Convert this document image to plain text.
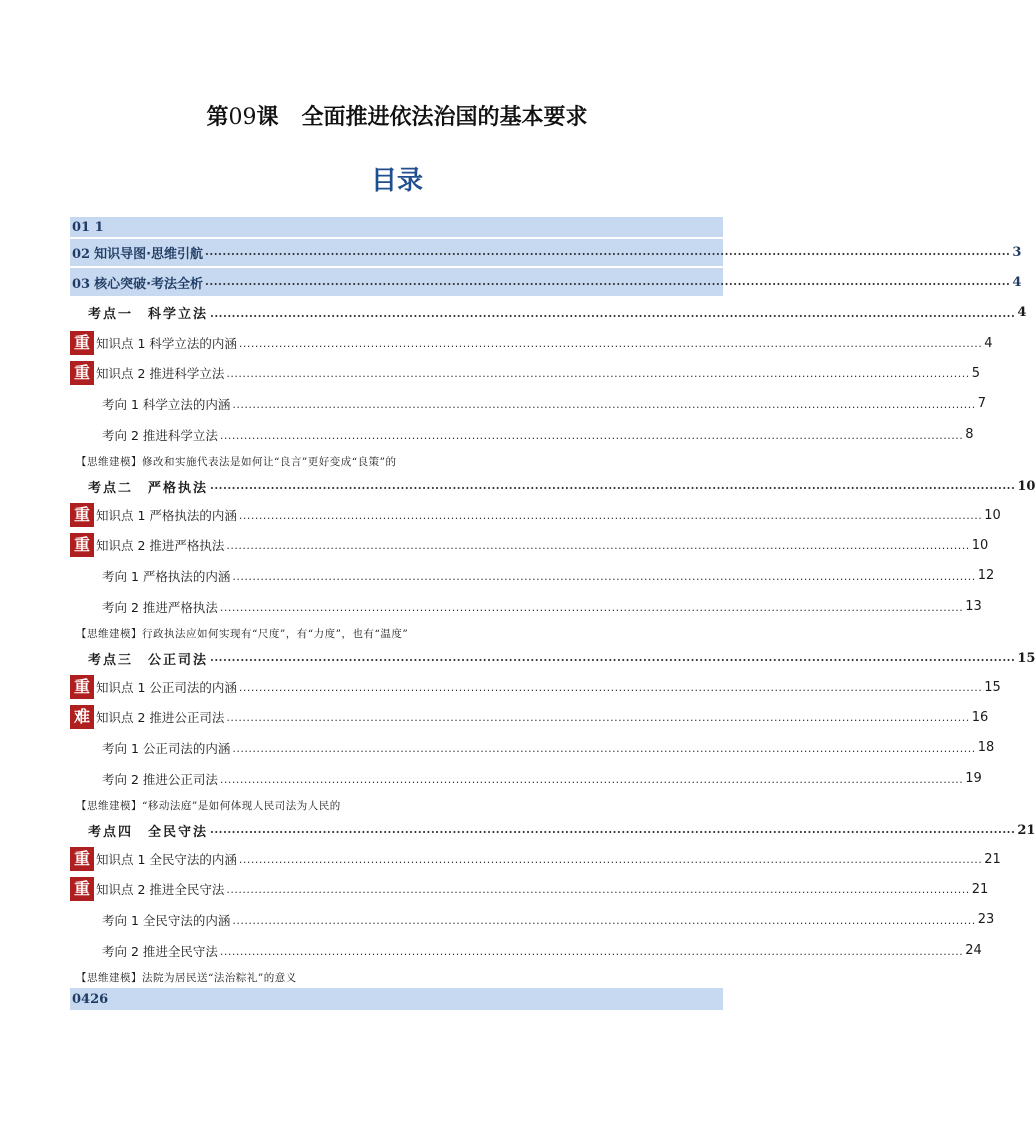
第09课 全面推进依法治国的基本要求
目录
01 1
02 知识导图·思维引航 .......................................................................................................................................................................................... 3
03 核心突破·考法全析 .......................................................................................................................................................................................... 4
考点一　科学立法 .......................................................................................................................................................................................... 4
重 知识点 1 科学立法的内涵 .......................................................................................................................................................................................... 4
重 知识点 2 推进科学立法 .......................................................................................................................................................................................... 5
考向 1 科学立法的内涵 .......................................................................................................................................................................................... 7
考向 2 推进科学立法 .......................................................................................................................................................................................... 8
【思维建模】修改和实施代表法是如何让“良言”更好变成“良策”的
考点二　严格执法 .......................................................................................................................................................................................... 10
重 知识点 1 严格执法的内涵 .......................................................................................................................................................................................... 10
重 知识点 2 推进严格执法 .......................................................................................................................................................................................... 10
考向 1 严格执法的内涵 .......................................................................................................................................................................................... 12
考向 2 推进严格执法 .......................................................................................................................................................................................... 13
【思维建模】行政执法应如何实现有“尺度”，有“力度”，也有“温度”
考点三　公正司法 .......................................................................................................................................................................................... 15
重 知识点 1 公正司法的内涵 .......................................................................................................................................................................................... 15
难 知识点 2 推进公正司法 .......................................................................................................................................................................................... 16
考向 1 公正司法的内涵 .......................................................................................................................................................................................... 18
考向 2 推进公正司法 .......................................................................................................................................................................................... 19
【思维建模】“移动法庭”是如何体现人民司法为人民的
考点四　全民守法 .......................................................................................................................................................................................... 21
重 知识点 1 全民守法的内涵 .......................................................................................................................................................................................... 21
重 知识点 2 推进全民守法 .......................................................................................................................................................................................... 21
考向 1 全民守法的内涵 .......................................................................................................................................................................................... 23
考向 2 推进全民守法 .......................................................................................................................................................................................... 24
【思维建模】法院为居民送“法治粽礼”的意义
0426
